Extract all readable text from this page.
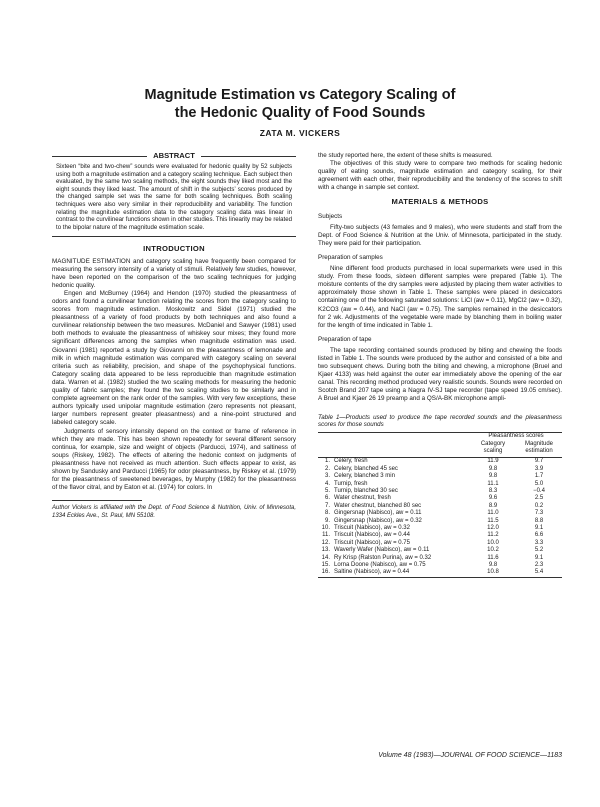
Magnitude Estimation vs Category Scaling of
the Hedonic Quality of Food Sounds
ZATA M. VICKERS
ABSTRACT
Sixteen “bite and two-chew” sounds were evaluated for hedonic quality by 52 subjects using both a magnitude estimation and a category scaling technique. Each subject then evaluated, by the same two scaling methods, the eight sounds they liked most and the eight sounds they liked least. The amount of shift in the subjects’ scores produced by the changed sample set was the same for both scaling techniques. Both scaling techniques were also very similar in their reproducibility and variability. The function relating the magnitude estimation data to the category scaling data was linear in contrast to the curvilinear functions shown in other studies. This linearity may be related to the bipolar nature of the magnitude estimation scale.
INTRODUCTION

MAGNITUDE ESTIMATION and category scaling have frequently been compared for measuring the sensory intensity of a variety of stimuli. Relatively few studies, however, have been reported on the comparison of the two scaling techniques for judging hedonic quality.

Engen and McBurney (1964) and Hendon (1970) studied the pleasantness of odors and found a curvilinear function relating the scores from the category scaling to scores from magnitude estimation. Moskowitz and Sidel (1971) studied the pleasantness of a variety of food products by both techniques and also found a curvilinear relationship between the two measures. McDaniel and Sawyer (1981) used both methods to evaluate the pleasantness of whiskey sour mixes; they found more significant differences among the samples when magnitude estimation was used. Giovanni (1981) reported a study by Giovanni on the pleasantness of lemonade and milk in which magnitude estimation was compared with category scaling on several criteria such as reliability, precision, and shape of the psychophysical functions. Category scaling data appeared to be less reproducible than magnitude estimation data. Warren et al. (1982) studied the two scaling methods for measuring the hedonic quality of fabric samples; they found the two scaling studies to be similarly and in complete agreement on the rank order of the samples. With very few exceptions, these authors typically used unipolar magnitude estimation (zero represents not pleasant, larger numbers represent greater pleasantness) and a nine-point structured and labeled category scale.

Judgments of sensory intensity depend on the context or frame of reference in which they are made. This has been shown repeatedly for several different sensory continua, for example, size and weight of objects (Parducci, 1974), and saltiness of soups (Riskey, 1982). The effects of altering the hedonic context on judgments of pleasantness have not received as much attention. Such effects appear to exist, as shown by Sandusky and Parducci (1965) for odor pleasantness, by Riskey et al. (1979) for the pleasantness of sweetened beverages, by Murphy (1982) for the pleasantness of the flavor citral, and by Eaton et al. (1974) for colors. In

Author Vickers is affiliated with the Dept. of Food Science & Nutrition, Univ. of Minnesota, 1334 Eckles Ave., St. Paul, MN 55108.

the study reported here, the extent of these shifts is measured.

The objectives of this study were to compare two methods for scaling hedonic quality of eating sounds, magnitude estimation and category scaling, for their agreement with each other, their reproducibility and the tendency of the scores to shift with a change in sample set context.

MATERIALS & METHODS
Subjects

Fifty-two subjects (43 females and 9 males), who were students and staff from the Dept. of Food Science & Nutrition at the Univ. of Minnesota, participated in the study. They were paid for their participation.

Preparation of samples

Nine different food products purchased in local supermarkets were used in this study. From these foods, sixteen different samples were prepared (Table 1). The moisture contents of the dry samples were adjusted by placing them water activities to approximately those shown in Table 1. These samples were placed in desiccators containing one of the following saturated solutions: LiCl (aw = 0.11), MgCl2 (aw = 0.32), K2CO3 (aw = 0.44), and NaCl (aw = 0.75). The samples remained in the desiccators for 2 wk. Adjustments of the vegetable were made by blanching them in boiling water for the length of time indicated in Table 1.

Preparation of tape

The tape recording contained sounds produced by biting and chewing the foods listed in Table 1. The sounds were produced by the author and consisted of a bite and two subsequent chews. During both the biting and chewing, a microphone (Bruel and Kjaer 4133) was held against the outer ear immediately above the opening of the ear canal. This recording method produced very realistic sounds. Sounds were recorded on Scotch Brand 207 tape using a Nagra IV-SJ tape recorder (tape speed 19.05 cm/sec). A Bruel and Kjaer 26 19 preamp and a QS/A-BK microphone ampli-

Table 1—Products used to produce the tape recorded sounds and the pleasantness scores for those sounds

		Pleasantness scores	
		Category scaling	Magnitude estimation
1.	Celery, fresh	11.9	9.7
2.	Celery, blanched 45 sec	9.8	3.9
3.	Celery, blanched 3 min	9.8	1.7
4.	Turnip, fresh	11.1	5.0
5.	Turnip, blanched 30 sec	8.3	−0.4
6.	Water chestnut, fresh	9.6	2.5
7.	Water chestnut, blanched 80 sec	8.9	0.2
8.	Gingersnap (Nabisco), aw = 0.11	11.0	7.3
9.	Gingersnap (Nabisco), aw = 0.32	11.5	8.8
10.	Triscuit (Nabisco), aw = 0.32	12.0	9.1
11.	Triscuit (Nabisco), aw = 0.44	11.2	6.6
12.	Triscuit (Nabisco), aw = 0.75	10.0	3.3
13.	Waverly Wafer (Nabisco), aw = 0.11	10.2	5.2
14.	Ry Krisp (Ralston Purina), aw = 0.32	11.6	9.1
15.	Lorna Doone (Nabisco), aw = 0.75	9.8	2.3
16.	Saltine (Nabisco), aw = 0.44	10.8	5.4
Volume 48 (1983)—JOURNAL OF FOOD SCIENCE—1183
